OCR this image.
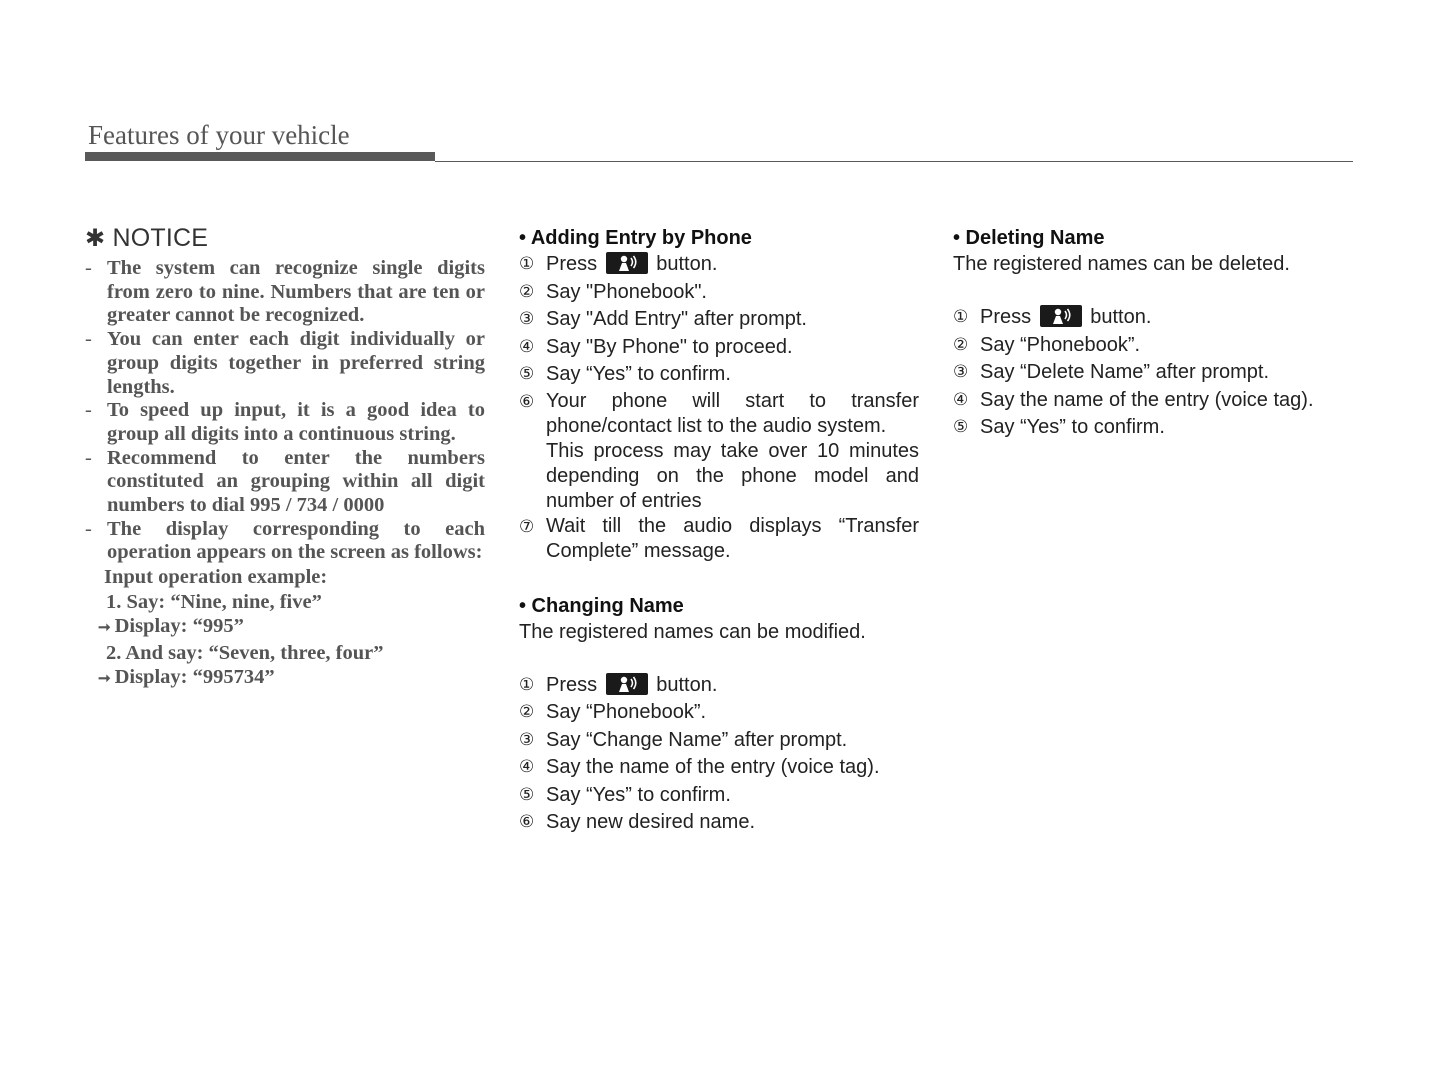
Features of your vehicle
✱ NOTICE

- The system can recognize single digits from zero to nine. Numbers that are ten or greater cannot be recognized.

- You can enter each digit individually or group digits together in preferred string lengths.

- To speed up input, it is a good idea to group all digits into a continuous string.

- Recommend to enter the numbers constituted an grouping within all digit numbers to dial 995 / 734 / 0000

- The display corresponding to each operation appears on the screen as follows:

Input operation example:
1. Say: “Nine, nine, five”
➞ Display: “995”
2. And say: “Seven, three, four”
➞ Display: “995734”
• Adding Entry by Phone
① Press	button.
② Say "Phonebook".
③ Say "Add Entry" after prompt.
④ Say "By Phone" to proceed.
⑤ Say “Yes” to confirm.
⑥ Your phone will start to transfer phone/contact list to the audio system.
This process may take over 10 minutes depending on the phone model and number of entries
⑦ Wait till the audio displays “Transfer Complete” message.
• Changing Name
The registered names can be modified.
① Press	button.
② Say “Phonebook”.
③ Say “Change Name” after prompt.
④ Say the name of the entry (voice tag).
⑤ Say “Yes” to confirm.
⑥ Say new desired name.
• Deleting Name
The registered names can be deleted.
① Press	button.
② Say “Phonebook”.
③ Say “Delete Name” after prompt.
④ Say the name of the entry (voice tag).
⑤ Say “Yes” to confirm.
